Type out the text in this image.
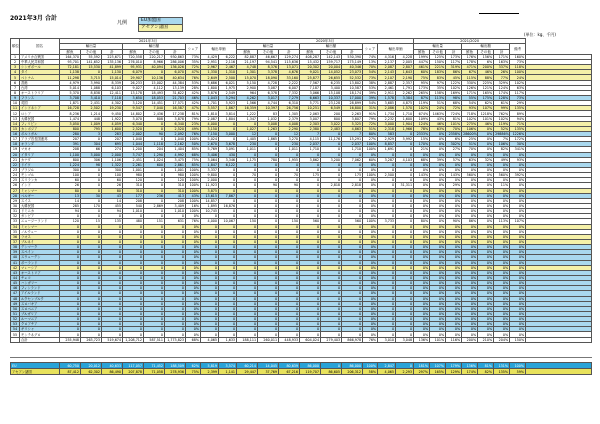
2021年3月 合計
凡例	EU加盟国
アセアン諸国
(単位：kg、千円)
順位	国名	2021年3月									2020年3月									2021/2020							
		輸出量			輸出額			シェア	輸出単価		輸出量			輸出額			シェア	輸出単価		輸出量			輸出額			備考	
		鮮魚	その他	計	鮮魚	その他	計				鮮魚	その他	計	鮮魚	その他	計				鮮魚	その他	計	鮮魚	その他	計		
1	アメリカ合衆国	164,370	55,592	223,671	720,558	220,217	930,863	73%	4,429	6,222	82,887	46,667	129,274	408,287	142,143	530,390	74%	4,316	4,228	199%	125%	173%	176%	156%	171%	160%	
2	中華人民共和国	93,701	141,652	135,136	276,010	8,966	286,006	35%	2,951	2,116	21,197	94,541	115,636	15,432	159,717	175,149	13%	2,137	2,005	447%	150%	117%	178%	6%	163%	73%	
3	シンガポール	72,181	15,530	41,899	95,931	40,094	136,026	72%	2,967	2,467	4,748	8,376	13,071	20,302	20,004	40,346	70%	2,087	2,807	461%	221%	319%	471%	200%	337%	118%	
4	タイ	1,138	0	1,130	6,079	0	6,070	47%	1,330	1,310	1,301	3,378	4,676	9,021	14,052	23,073	54%	2,143	1,643	60%	183%	86%	67%	46%	26%	100%	
5	ベトナム	11,298	3,715	15,014	29,907	10,136	40,634	76%	2,649	2,500	15,070	18,090	33,160	25,877	26,655	52,532	73%	2,107	2,190	75%	83%	45%	115%	88%	77%	24%	
6	香港	4,979	3,990	8,339	26,233	15,002	44,384	53%	5,686	6,021	5,150	4,728	2,222	7,567	6,235	13,802	38%	2,887	2,357	95%	97%	122%	330%	225%	329%	102%	
7	台湾	5,014	1,088	6,103	9,027	4,112	13,139	28%	1,800	1,975	2,900	3,087	6,007	7,187	3,400	10,587	53%	2,461	1,791	173%	35%	102%	126%	121%	124%	63%	
8	オーストラリア	5,370	8,838	12,411	13,178	18,493	31,622	42%	3,876	2,549	964	6,378	7,332	3,066	15,108	18,174	39%	2,911	2,262	265%	158%	169%	171%	165%	174%	117%	
9	フランス	3,708	3,410	7,118	3,650	18,053	21,703	46%	1,043	5,294	4,262	3,017	7,279	6,663	10,337	17,000	39%	1,578	3,384	87%	113%	98%	55%	175%	128%	73%	
10	英国	1,871	2,431	4,302	3,120	14,451	17,571	42%	1,701	5,923	1,566	4,744	6,310	5,771	23,128	28,899	54%	3,685	4,875	119%	51%	68%	54%	62%	61%	29%	
11	インドネシア	16,728	2,502	19,230	9,547	7,040	16,587	47%	3,557	1,867	16,359	10,397	26,756	10,251	6,549	16,800	31%	2,086	1,570	102%	24%	72%	93%	107%	99%	135%	
12	ロシア	8,236	1,214	9,450	14,802	2,436	17,238	81%	1,810	3,814	1,222	83	1,305	2,063	200	2,263	91%	1,734	1,710	674%	1463%	724%	718%	1218%	762%	89%	
13	大韓民国	1,474	448	1,922	3,070	808	3,878	79%	2,087	1,804	1,347	1,032	2,379	3,007	800	3,807	79%	2,232	1,600	109%	43%	81%	102%	101%	102%	94%	
14	フィリピン	3,050	1,009	4,059	6,340	0	6,340	23%	4,000	0	0	3,008	4,008	2,303	3,022	5,325	72%	3,000	1,904	124%	46%	101%	275%	46%	119%	71%	
15	カンボジア	800	795	1,600	2,520	0	2,520	49%	3,150	0	1,027	1,263	2,290	2,380	2,483	4,863	51%	2,318	1,966	78%	63%	70%	106%	0%	52%	135%	
16	ポルトガル	280	3	283	2,002	90	2,092	76%	7,150	3,000	12	0	12	7	0	7	80%	583	0	2333%	0%	2358%	28600%	0%	29886%	1226%	
17	アラブ首長国連邦	207	0	207	1,040	0	1,040	100%	5,024	0	1,405	1,865	3,270	4,115	11,176	15,291	27%	2,929	5,992	15%	0%	6%	25%	0%	7%	172%	
18	オランダ	391	304	695	1,044	1,118	2,162	50%	2,670	3,678	230	0	230	2,037	0	2,037	100%	8,857	0	170%	0%	302%	51%	0%	106%	30%	
19	マカオ	208	66	274	1,200	204	1,404	85%	5,769	3,091	1,011	0	1,011	1,710	0	1,710	100%	1,691	0	21%	0%	27%	70%	0%	82%	341%	
20	イタリア	1,100	3,000	2,000	3,747	1,290	4,992	68%	3,406	430	0	0	0	0	0	0	0%	0	0	0%	0%	0%	0%	0%	0%	0%	
21	カナダ	800	306	1,106	2,451	1,024	3,475	75%	3,064	3,346	1,175	780	1,955	3,862	3,200	7,062	60%	3,287	4,103	68%	39%	57%	63%	32%	49%	93%	
22	ドイツ	1,224	98	1,322	2,261	600	2,861	85%	1,847	6,122	0	0	0	0	0	0	0%	0	0	0%	0%	0%	0%	0%	0%	0%	
23	ブラジル	300	0	300	1,001	0	1,001	100%	3,337	0	0	0	0	0	0	0	0%	0	0	0%	0%	0%	0%	0%	0%	0%	
24	モンゴル	100	0	100	980	0	980	100%	9,800	0	70	0	70	175	0	175	100%	2,500	0	143%	0%	143%	560%	0%	560%	392%	
25	スリランカ	60	0	60	120	0	120	100%	2,000	0	0	0	0	0	0	0	0%	0	0	0%	0%	0%	0%	0%	0%	0%	
26	インド	26	0	26	310	0	310	100%	11,923	0	0	90	90	0	2,818	2,818	0%	0	31,311	0%	0%	29%	0%	0%	11%	0%	
27	ミャンマー	80	0	80	310	0	310	100%	3,875	0	0	0	0	0	0	0	0%	0	0	0%	0%	0%	0%	0%	0%	0%	
28	ベルギー	13	30	43	177	236	413	43%	13,615	7,867	0	0	0	0	0	0	0%	0	0	0%	0%	0%	0%	0%	0%	0%	
29	スイス	14	0	14	208	0	208	100%	14,857	0	0	0	0	0	0	0	0%	0	0	0%	0%	0%	0%	0%	0%	0%	
30	大韓民国	285	170	455	540	2,869	3,409	16%	1,895	16,876	0	0	0	0	0	0	0%	0	0	0%	0%	0%	0%	0%	0%	0%	
31	ドミニカ	94	0	94	1,010	0	1,010	100%	10,745	0	0	0	0	0	0	0	0%	0	0	0%	0%	0%	0%	0%	0%	0%	
32	ガンビア	0	0	0	0	0	0	0%	0	0	0	0	0	0	0	0	0%	0	0	0%	0%	0%	0%	0%	0%	0%	
33	ニュージーランド	120	15	135	480	151	631	76%	4,000	10,067	150	0	150	560	0	560	100%	3,733	0	80%	0%	90%	86%	0%	113%	107%	
34	ミャンマー	0	0	0	0	0	0	0%	0	0	0	0	0	0	0	0	0%	0	0	0%	0%	0%	0%	0%	0%	0%	
35	ノルウェー	0	0	0	0	0	0	0%	0	0	0	0	0	0	0	0	0%	0	0	0%	0%	0%	0%	0%	0%	0%	
36	ラオス	0	0	0	0	0	0	0%	0	0	0	0	0	0	0	0	0%	0	0	0%	0%	0%	0%	0%	0%	0%	
37	ブルネイ	0	0	0	0	0	0	0%	0	0	0	0	0	0	0	0	0%	0	0	0%	0%	0%	0%	0%	0%	0%	
38	デンマーク	0	0	0	0	0	0	0%	0	0	0	0	0	0	0	0	0%	0	0	0%	0%	0%	0%	0%	0%	0%	
39	スペイン	0	0	0	0	0	0	0%	0	0	0	0	0	0	0	0	0%	0	0	0%	0%	0%	0%	0%	0%	0%	
40	スウェーデン	0	0	0	0	0	0	0%	0	0	0	0	0	0	0	0	0%	0	0	0%	0%	0%	0%	0%	0%	0%	
41	ポーランド	0	0	0	0	0	0	0%	0	0	0	0	0	0	0	0	0%	0	0	0%	0%	0%	0%	0%	0%	0%	
42	マレーシア	0	0	0	0	0	0	0%	0	0	0	0	0	0	0	0	0%	0	0	0%	0%	0%	0%	0%	0%	0%	
43	オーストリア	0	0	0	0	0	0	0%	0	0	0	0	0	0	0	0	0%	0	0	0%	0%	0%	0%	0%	0%	0%	
44	チェコ	0	0	0	0	0	0	0%	0	0	0	0	0	0	0	0	0%	0	0	0%	0%	0%	0%	0%	0%	0%	
45	ハンガリー	0	0	0	0	0	0	0%	0	0	0	0	0	0	0	0	0%	0	0	0%	0%	0%	0%	0%	0%	0%	
46	フィンランド	0	0	0	0	0	0	0%	0	0	0	0	0	0	0	0	0%	0	0	0%	0%	0%	0%	0%	0%	0%	
47	アイルランド	0	0	0	0	0	0	0%	0	0	0	0	0	0	0	0	0%	0	0	0%	0%	0%	0%	0%	0%	0%	
48	ルクセンブルク	0	0	0	0	0	0	0%	0	0	0	0	0	0	0	0	0%	0	0	0%	0%	0%	0%	0%	0%	0%	
49	スロバキア	0	0	0	0	0	0	0%	0	0	0	0	0	0	0	0	0%	0	0	0%	0%	0%	0%	0%	0%	0%	
50	スロベニア	0	0	0	0	0	0	0%	0	0	0	0	0	0	0	0	0%	0	0	0%	0%	0%	0%	0%	0%	0%	
51	ブルガリア	0	0	0	0	0	0	0%	0	0	0	0	0	0	0	0	0%	0	0	0%	0%	0%	0%	0%	0%	0%	
52	ルーマニア	0	0	0	0	0	0	0%	0	0	0	0	0	0	0	0	0%	0	0	0%	0%	0%	0%	0%	0%	0%	
53	クロアチア	0	0	0	0	0	0	0%	0	0	0	0	0	0	0	0	0%	0	0	0%	0%	0%	0%	0%	0%	0%	
54	ギリシャ	0	0	0	0	0	0	0%	0	0	0	0	0	0	0	0	0%	0	0	0%	0%	0%	0%	0%	0%	0%	
55	モンテネグロ	0	0	0	0	0	0	0%	0	0	0	0	0	0	0	0	0%	0	0	0%	0%	0%	0%	0%	0%	0%	
	合計	255,948	263,723	519,674	1,208,712	587,511	1,773,823	68%	4,065	1,633	188,111	260,011	448,933	604,024	279,403	866,978	76%	3,010	3,048	136%	101%	116%	200%	210%	204%	150%	
EU	60,750	20,012	40,633	117,057	71,452	188,509	62%	5,819	3,574	60,214	14,045	80,639	86,000	0	86,000	100%	2,847	0	181%	107%	179%	136%	81%	131%	100%	
アセアン諸国	87,412	62,302	86,490	207,878	71,058	278,936	75%	2,399	1,141	29,447	37,769	67,216	119,707	86,605	206,312	58%	4,065	2,293	297%	165%	129%	174%	82%	135%	59%	
